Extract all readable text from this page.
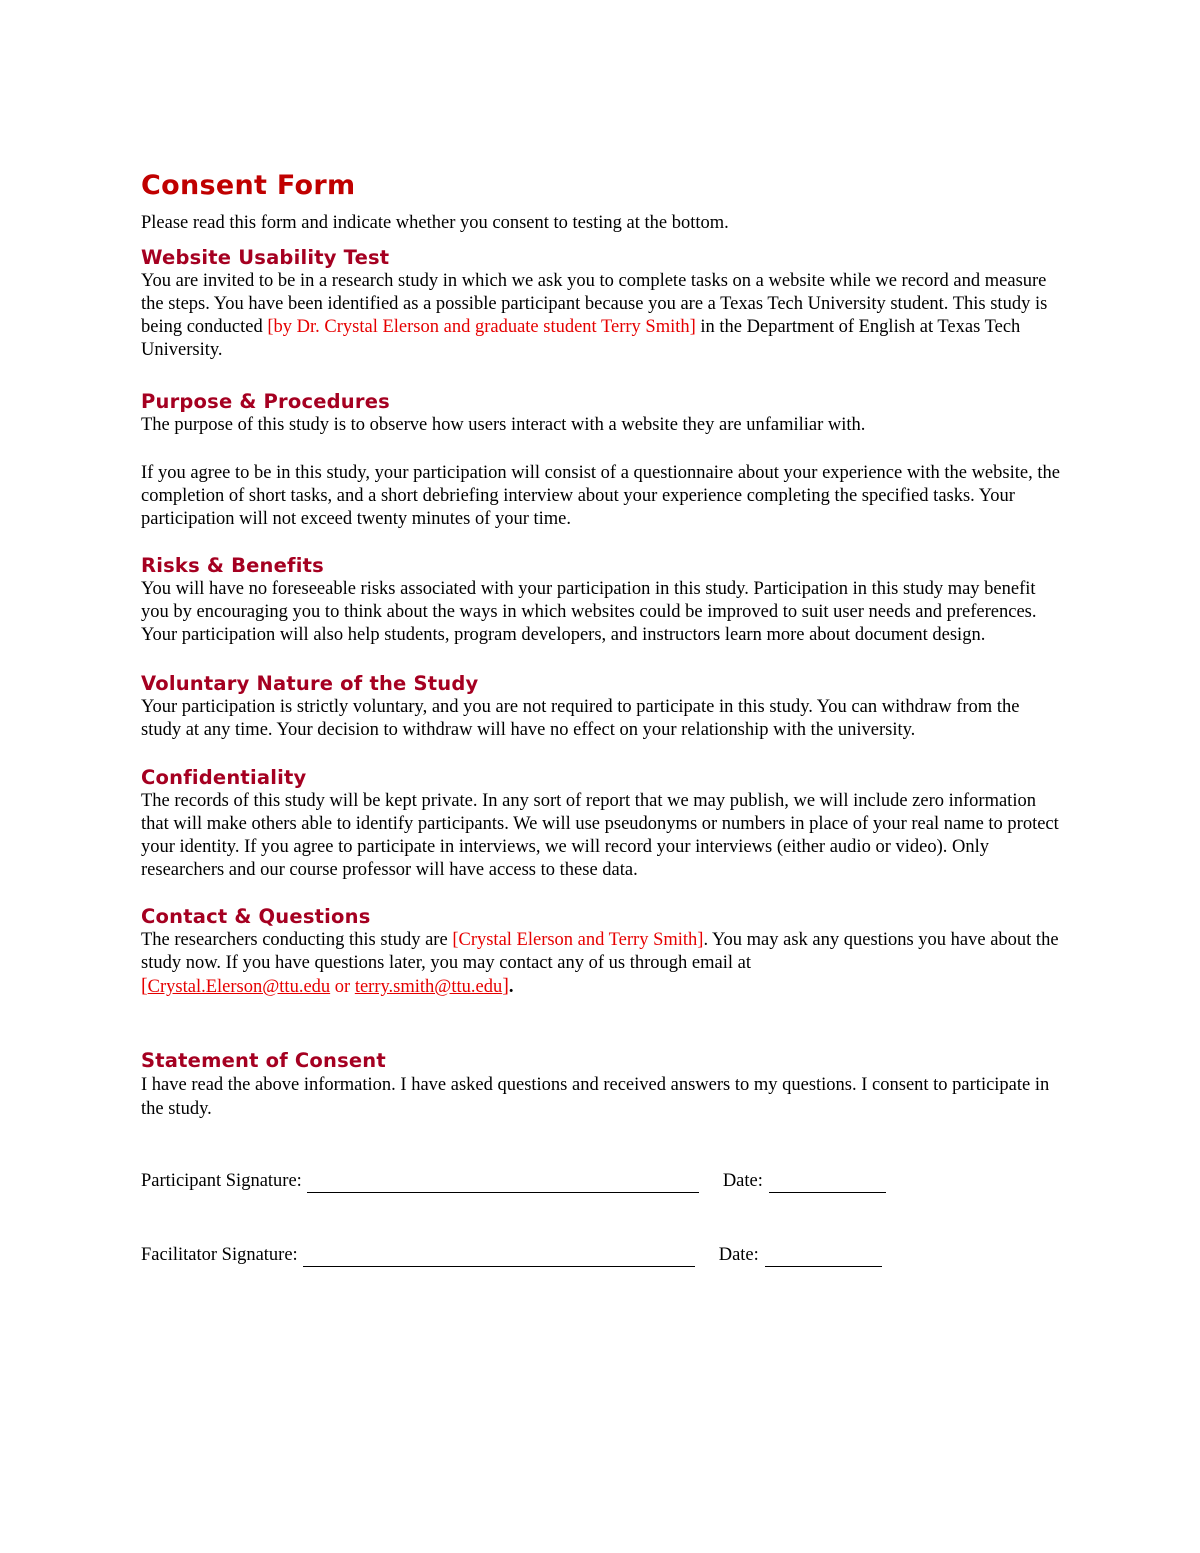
Consent Form

Please read this form and indicate whether you consent to testing at the bottom.

Website Usability Test

You are invited to be in a research study in which we ask you to complete tasks on a website while we record and measure the steps. You have been identified as a possible participant because you are a Texas Tech University student. This study is being conducted [by Dr. Crystal Elerson and graduate student Terry Smith] in the Department of English at Texas Tech University.

Purpose & Procedures

The purpose of this study is to observe how users interact with a website they are unfamiliar with.

If you agree to be in this study, your participation will consist of a questionnaire about your experience with the website, the completion of short tasks, and a short debriefing interview about your experience completing the specified tasks. Your participation will not exceed twenty minutes of your time.

Risks & Benefits

You will have no foreseeable risks associated with your participation in this study. Participation in this study may benefit you by encouraging you to think about the ways in which websites could be improved to suit user needs and preferences. Your participation will also help students, program developers, and instructors learn more about document design.

Voluntary Nature of the Study

Your participation is strictly voluntary, and you are not required to participate in this study. You can withdraw from the study at any time. Your decision to withdraw will have no effect on your relationship with the university.

Confidentiality

The records of this study will be kept private. In any sort of report that we may publish, we will include zero information that will make others able to identify participants. We will use pseudonyms or numbers in place of your real name to protect your identity. If you agree to participate in interviews, we will record your interviews (either audio or video). Only researchers and our course professor will have access to these data.

Contact & Questions

The researchers conducting this study are [Crystal Elerson and Terry Smith]. You may ask any questions you have about the study now. If you have questions later, you may contact any of us through email at
[Crystal.Elerson@ttu.edu or terry.smith@ttu.edu].

Statement of Consent

I have read the above information. I have asked questions and received answers to my questions. I consent to participate in the study.

Participant Signature:	Date:
Facilitator Signature:	Date:
